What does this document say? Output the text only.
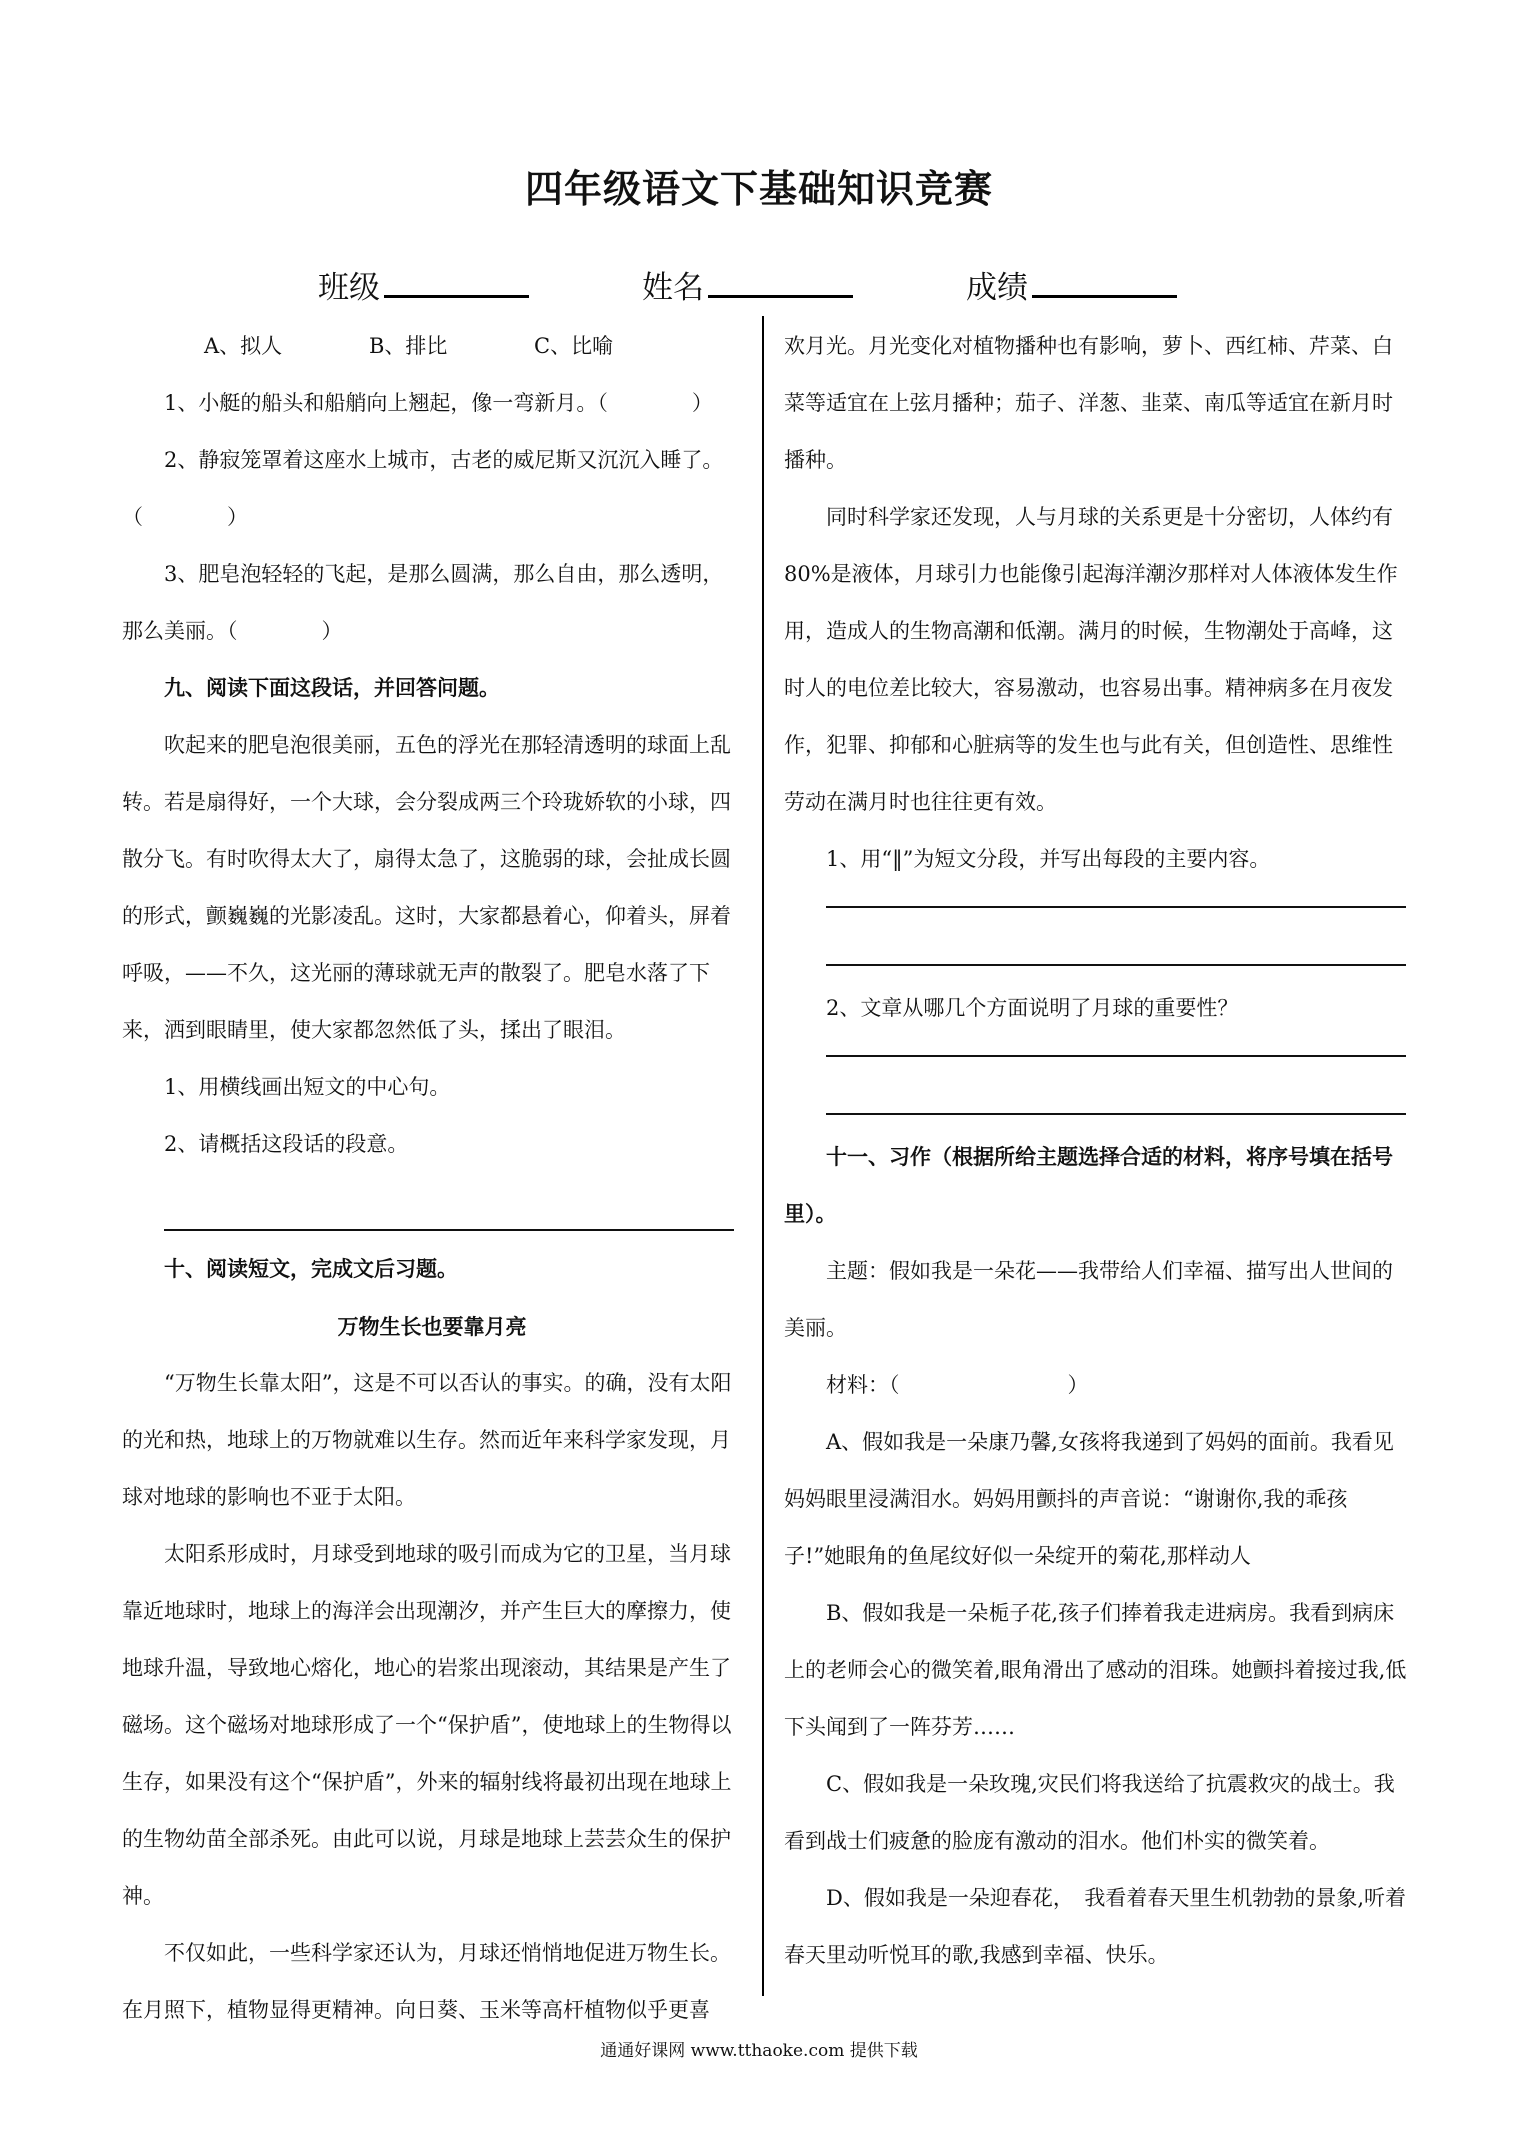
四年级语文下基础知识竞赛
班级	姓名	成绩

A、拟人	B、排比	C、比喻

1、小艇的船头和船艄向上翘起，像一弯新月。（　　　　）

2、静寂笼罩着这座水上城市，古老的威尼斯又沉沉入睡了。（　　　　）

3、肥皂泡轻轻的飞起，是那么圆满，那么自由，那么透明，那么美丽。（　　　　）

九、阅读下面这段话，并回答问题。

吹起来的肥皂泡很美丽，五色的浮光在那轻清透明的球面上乱转。若是扇得好，一个大球，会分裂成两三个玲珑娇软的小球，四散分飞。有时吹得太大了，扇得太急了，这脆弱的球，会扯成长圆的形式，颤巍巍的光影凌乱。这时，大家都悬着心，仰着头，屏着呼吸，——不久，这光丽的薄球就无声的散裂了。肥皂水落了下来，洒到眼睛里，使大家都忽然低了头，揉出了眼泪。

1、用横线画出短文的中心句。

2、请概括这段话的段意。

十、阅读短文，完成文后习题。

万物生长也要靠月亮

“万物生长靠太阳”，这是不可以否认的事实。的确，没有太阳的光和热，地球上的万物就难以生存。然而近年来科学家发现，月球对地球的影响也不亚于太阳。

太阳系形成时，月球受到地球的吸引而成为它的卫星，当月球靠近地球时，地球上的海洋会出现潮汐，并产生巨大的摩擦力，使地球升温，导致地心熔化，地心的岩浆出现滚动，其结果是产生了磁场。这个磁场对地球形成了一个“保护盾”，使地球上的生物得以生存，如果没有这个“保护盾”，外来的辐射线将最初出现在地球上的生物幼苗全部杀死。由此可以说，月球是地球上芸芸众生的保护神。

不仅如此，一些科学家还认为，月球还悄悄地促进万物生长。在月照下，植物显得更精神。向日葵、玉米等高杆植物似乎更喜

欢月光。月光变化对植物播种也有影响，萝卜、西红柿、芹菜、白菜等适宜在上弦月播种；茄子、洋葱、韭菜、南瓜等适宜在新月时播种。

同时科学家还发现，人与月球的关系更是十分密切，人体约有 80%是液体，月球引力也能像引起海洋潮汐那样对人体液体发生作用，造成人的生物高潮和低潮。满月的时候，生物潮处于高峰，这时人的电位差比较大，容易激动，也容易出事。精神病多在月夜发作，犯罪、抑郁和心脏病等的发生也与此有关，但创造性、思维性劳动在满月时也往往更有效。

1、用“‖”为短文分段，并写出每段的主要内容。

2、文章从哪几个方面说明了月球的重要性？

十一、习作（根据所给主题选择合适的材料，将序号填在括号里）。

主题：假如我是一朵花——我带给人们幸福、描写出人世间的美丽。

材料：（　　　　　　　　）

A、假如我是一朵康乃馨,女孩将我递到了妈妈的面前。我看见妈妈眼里浸满泪水。妈妈用颤抖的声音说：“谢谢你,我的乖孩子!”她眼角的鱼尾纹好似一朵绽开的菊花,那样动人

B、假如我是一朵栀子花,孩子们捧着我走进病房。我看到病床上的老师会心的微笑着,眼角滑出了感动的泪珠。她颤抖着接过我,低下头闻到了一阵芬芳……

C、假如我是一朵玫瑰,灾民们将我送给了抗震救灾的战士。我看到战士们疲惫的脸庞有激动的泪水。他们朴实的微笑着。

D、假如我是一朵迎春花，　我看着春天里生机勃勃的景象,听着春天里动听悦耳的歌,我感到幸福、快乐。

通通好课网 www.tthaoke.com 提供下载
